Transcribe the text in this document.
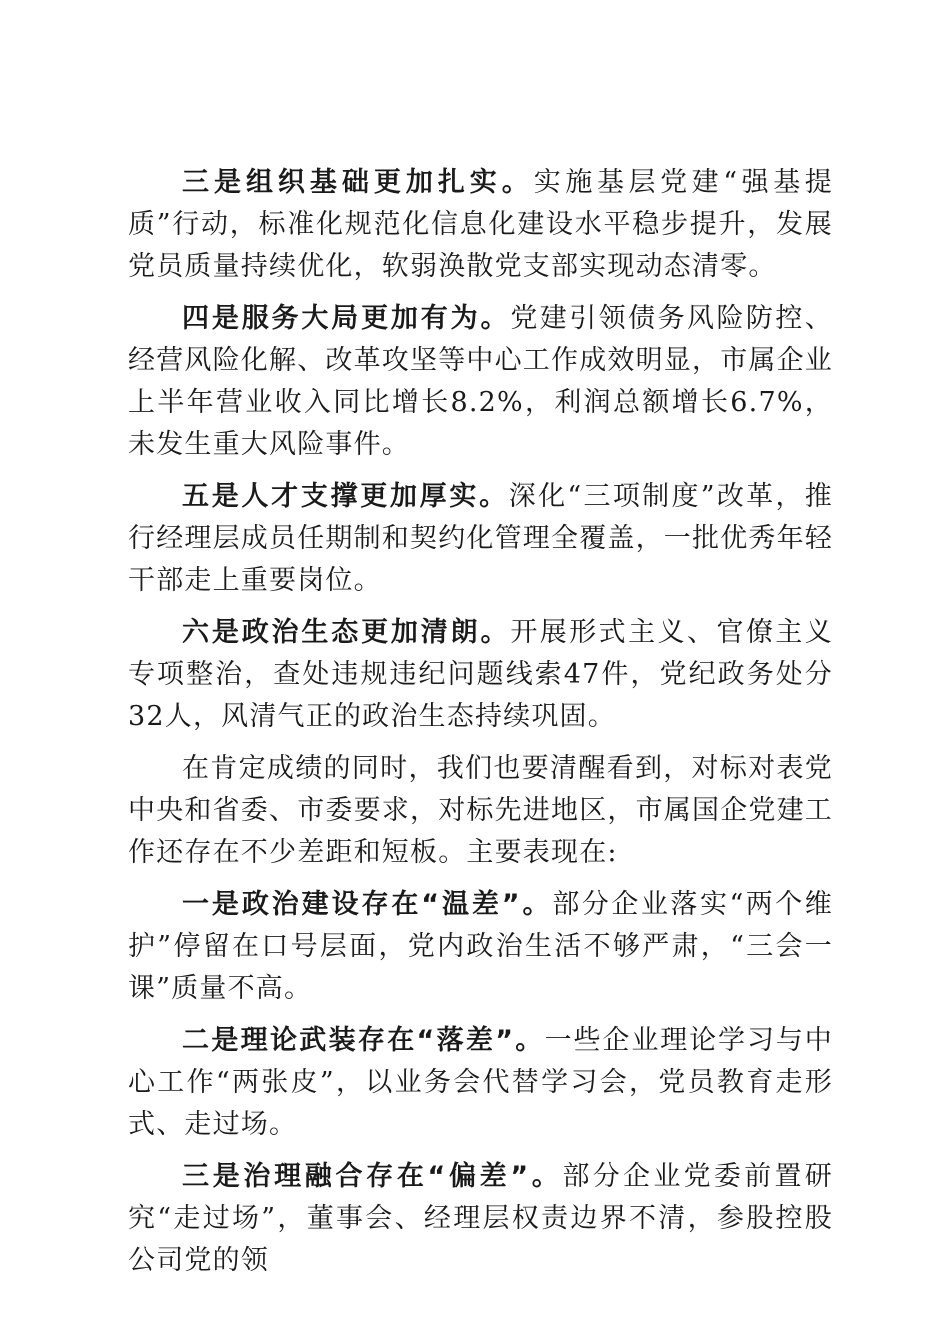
三是组织基础更加扎实。实施基层党建“强基提质”行动，标准化规范化信息化建设水平稳步提升，发展党员质量持续优化，软弱涣散党支部实现动态清零。

四是服务大局更加有为。党建引领债务风险防控、经营风险化解、改革攻坚等中心工作成效明显，市属企业上半年营业收入同比增长8.2%，利润总额增长6.7%，未发生重大风险事件。

五是人才支撑更加厚实。深化“三项制度”改革，推行经理层成员任期制和契约化管理全覆盖，一批优秀年轻干部走上重要岗位。

六是政治生态更加清朗。开展形式主义、官僚主义专项整治，查处违规违纪问题线索47件，党纪政务处分32人，风清气正的政治生态持续巩固。

在肯定成绩的同时，我们也要清醒看到，对标对表党中央和省委、市委要求，对标先进地区，市属国企党建工作还存在不少差距和短板。主要表现在:

一是政治建设存在“温差”。部分企业落实“两个维护”停留在口号层面，党内政治生活不够严肃，“三会一课”质量不高。

二是理论武装存在“落差”。一些企业理论学习与中心工作“两张皮”，以业务会代替学习会，党员教育走形式、走过场。

三是治理融合存在“偏差”。部分企业党委前置研究“走过场”，董事会、经理层权责边界不清，参股控股公司党的领
